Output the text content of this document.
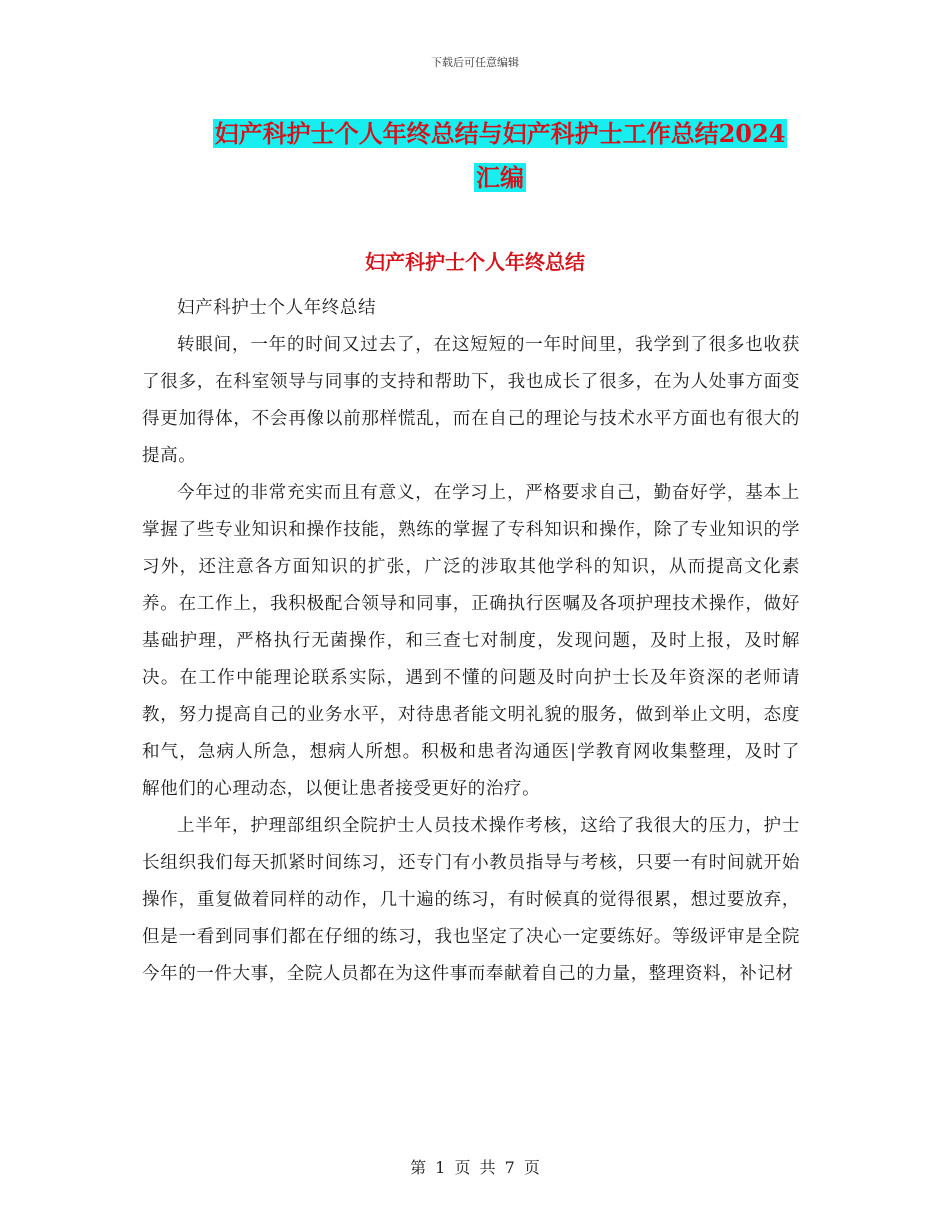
下载后可任意编辑
妇产科护士个人年终总结与妇产科护士工作总结2024
汇编
妇产科护士个人年终总结

妇产科护士个人年终总结

转眼间，一年的时间又过去了，在这短短的一年时间里，我学到了很多也收获了很多，在科室领导与同事的支持和帮助下，我也成长了很多，在为人处事方面变得更加得体，不会再像以前那样慌乱，而在自己的理论与技术水平方面也有很大的提高。

今年过的非常充实而且有意义，在学习上，严格要求自己，勤奋好学，基本上掌握了些专业知识和操作技能，熟练的掌握了专科知识和操作，除了专业知识的学习外，还注意各方面知识的扩张，广泛的涉取其他学科的知识，从而提高文化素养。在工作上，我积极配合领导和同事，正确执行医嘱及各项护理技术操作，做好基础护理，严格执行无菌操作，和三查七对制度，发现问题，及时上报，及时解决。在工作中能理论联系实际，遇到不懂的问题及时向护士长及年资深的老师请教，努力提高自己的业务水平，对待患者能文明礼貌的服务，做到举止文明，态度和气，急病人所急，想病人所想。积极和患者沟通医|学教育网收集整理，及时了解他们的心理动态，以便让患者接受更好的治疗。

上半年，护理部组织全院护士人员技术操作考核，这给了我很大的压力，护士长组织我们每天抓紧时间练习，还专门有小教员指导与考核，只要一有时间就开始操作，重复做着同样的动作，几十遍的练习，有时候真的觉得很累，想过要放弃，但是一看到同事们都在仔细的练习，我也坚定了决心一定要练好。等级评审是全院今年的一件大事，全院人员都在为这件事而奉献着自己的力量，整理资料，补记材

第 1 页 共 7 页
